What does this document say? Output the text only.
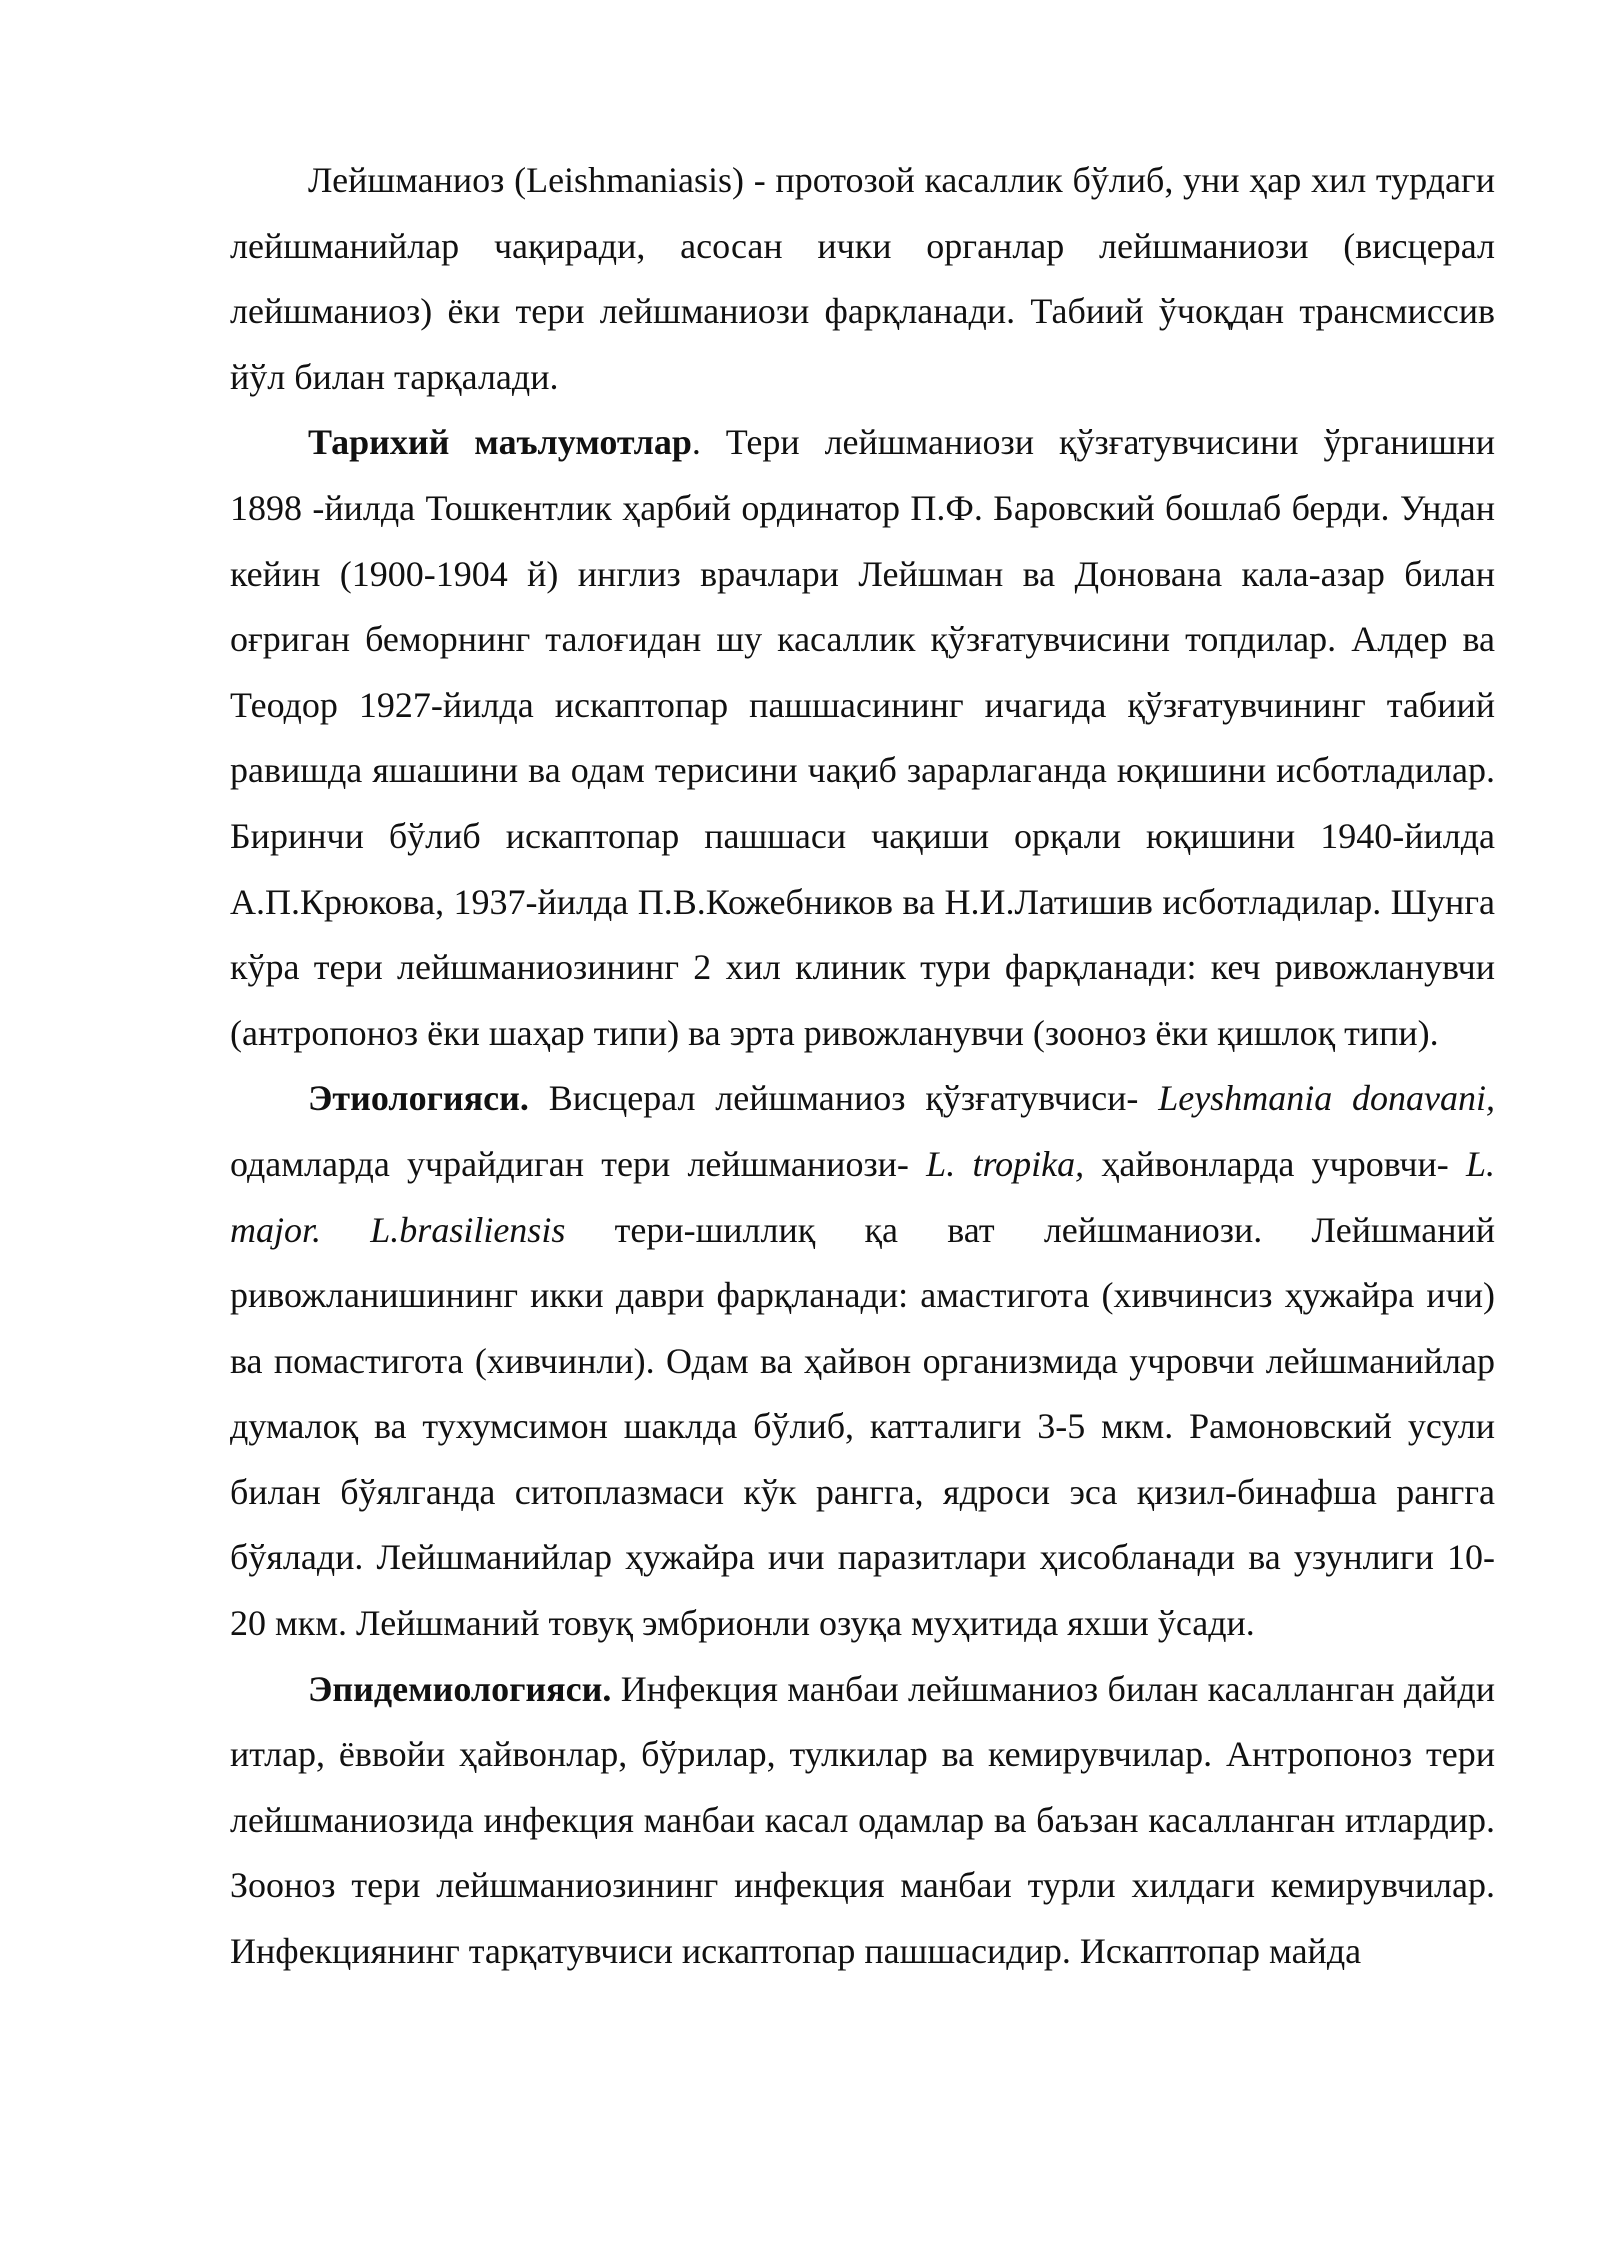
Лейшманиоз (Leishmaniasis) - протозой касаллик бўлиб, уни ҳар хил турдаги лейшманийлар чақиради, асосан ички органлар лейшманиози (висцерал лейшманиоз) ёки тери лейшманиози фарқланади. Табиий ўчоқдан трансмиссив йўл билан тарқалади.

Тарихий маълумотлар. Тери лейшманиози қўзғатувчисини ўрганишни 1898 -йилда Тошкентлик ҳарбий ординатор П.Ф. Баровский бошлаб берди. Ундан кейин (1900-1904 й) инглиз врачлари Лейшман ва Донована кала-азар билан оғриган беморнинг талоғидан шу касаллик қўзғатувчисини топдилар. Алдер ва Теодор 1927-йилда искаптопар пашшасининг ичагида қўзғатувчининг табиий равишда яшашини ва одам терисини чақиб зарарлаганда юқишини исботладилар. Биринчи бўлиб искаптопар пашшаси чақиши орқали юқишини 1940-йилда А.П.Крюкова, 1937-йилда П.В.Кожебников ва Н.И.Латишив исботладилар. Шунга кўра тери лейшманиозининг 2 хил клиник тури фарқланади: кеч ривожланувчи (антропоноз ёки шаҳар типи) ва эрта ривожланувчи (зооноз ёки қишлоқ типи).

Этиологияси. Висцерал лейшманиоз қўзғатувчиси- Leyshmania donavani, одамларда учрайдиган тери лейшманиози- L. tropika, ҳайвонларда учровчи- L. major. L.brasiliensis тери-шиллиқ қа ват лейшманиози. Лейшманий ривожланишининг икки даври фарқланади: амастигота (хивчинсиз ҳужайра ичи) ва помастигота (хивчинли). Одам ва ҳайвон организмида учровчи лейшманийлар думалоқ ва тухумсимон шаклда бўлиб, катталиги 3-5 мкм. Рамоновский усули билан бўялганда ситоплазмаси кўк рангга, ядроси эса қизил-бинафша рангга бўялади. Лейшманийлар ҳужайра ичи паразитлари ҳисобланади ва узунлиги 10-20 мкм. Лейшманий товуқ эмбрионли озуқа муҳитида яхши ўсади.

Эпидемиологияси. Инфекция манбаи лейшманиоз билан касалланган дайди итлар, ёввойи ҳайвонлар, бўрилар, тулкилар ва кемирувчилар. Антропоноз тери лейшманиозида инфекция манбаи касал одамлар ва баъзан касалланган итлардир. Зооноз тери лейшманиозининг инфекция манбаи турли хилдаги кемирувчилар. Инфекциянинг тарқатувчиси искаптопар пашшасидир. Искаптопар майда
